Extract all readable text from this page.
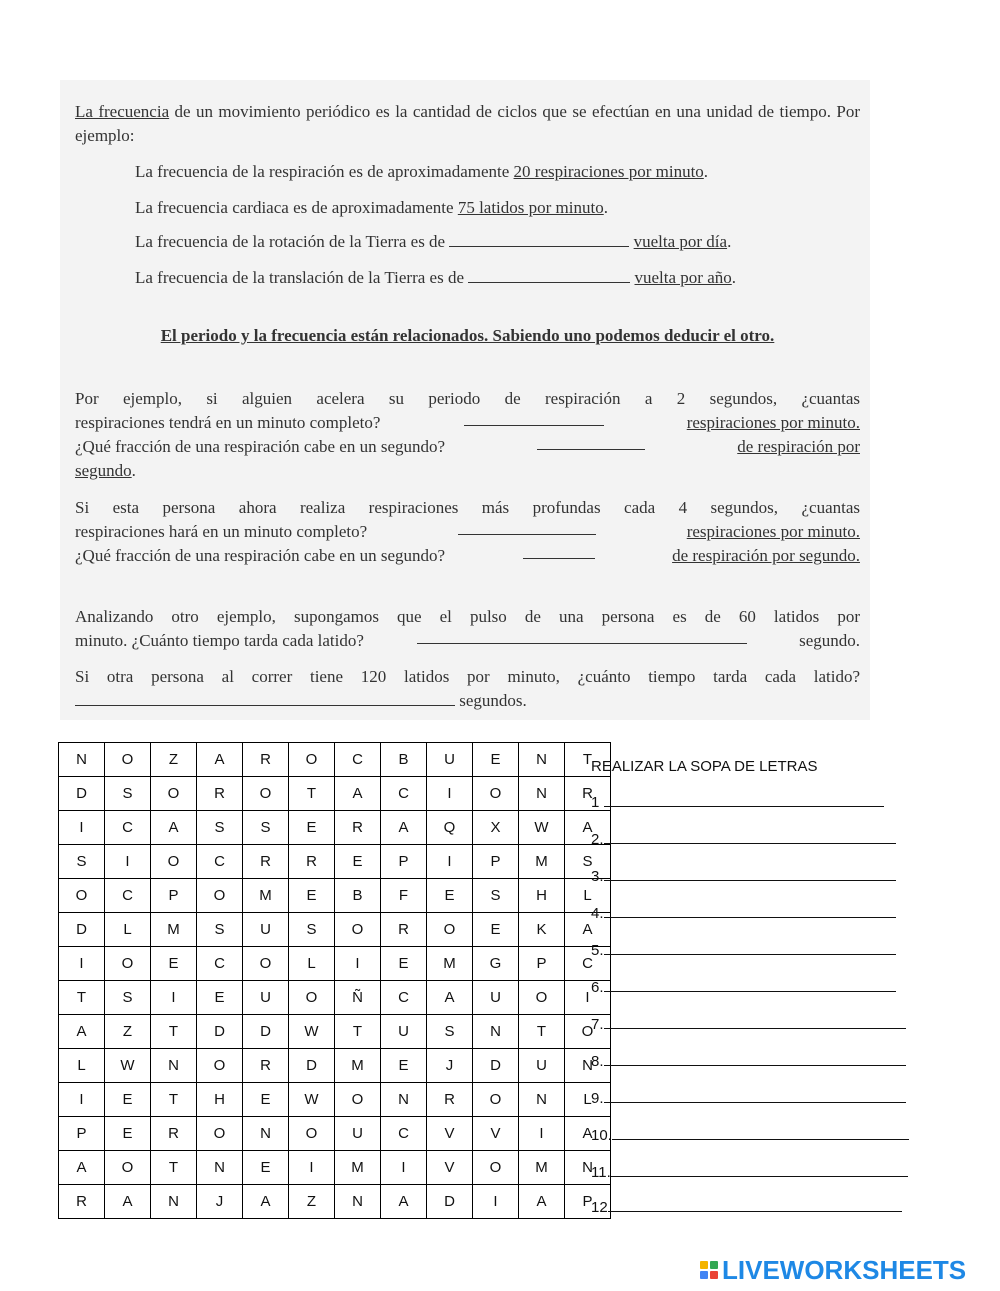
La frecuencia de un movimiento periódico es la cantidad de ciclos que se efectúan en una unidad de tiempo. Por ejemplo:
La frecuencia de la respiración es de aproximadamente 20 respiraciones por minuto.
La frecuencia cardiaca es de aproximadamente 75 latidos por minuto.
La frecuencia de la rotación de la Tierra es de	vuelta por día.
La frecuencia de la translación de la Tierra es de	vuelta por año.
El periodo y la frecuencia están relacionados. Sabiendo uno podemos deducir el otro.
Por ejemplo, si alguien acelera su periodo de respiración a 2 segundos, ¿cuantas
respiraciones tendrá en un minuto completo?	respiraciones por minuto.
¿Qué fracción de una respiración cabe en un segundo?	de respiración por
segundo.
Si esta persona ahora realiza respiraciones más profundas cada 4 segundos, ¿cuantas
respiraciones hará en un minuto completo?	respiraciones por minuto.
¿Qué fracción de una respiración cabe en un segundo?	de respiración por segundo.
Analizando otro ejemplo, supongamos que el pulso de una persona es de 60 latidos por
minuto. ¿Cuánto tiempo tarda cada latido?	segundo.
Si otra persona al correr tiene 120 latidos por minuto, ¿cuánto tiempo tarda cada latido?
segundos.
N	O	Z	A	R	O	C	B	U	E	N	T
D	S	O	R	O	T	A	C	I	O	N	R
I	C	A	S	S	E	R	A	Q	X	W	A
S	I	O	C	R	R	E	P	I	P	M	S
O	C	P	O	M	E	B	F	E	S	H	L
D	L	M	S	U	S	O	R	O	E	K	A
I	O	E	C	O	L	I	E	M	G	P	C
T	S	I	E	U	O	Ñ	C	A	U	O	I
A	Z	T	D	D	W	T	U	S	N	T	O
L	W	N	O	R	D	M	E	J	D	U	N
I	E	T	H	E	W	O	N	R	O	N	L
P	E	R	O	N	O	U	C	V	V	I	A
A	O	T	N	E	I	M	I	V	O	M	N
R	A	N	J	A	Z	N	A	D	I	A	P
REALIZAR LA SOPA DE LETRAS
1
2.
3.
4.
5.
6.
7.
8.
9.
10.
11.
12
LIVEWORKSHEETS
